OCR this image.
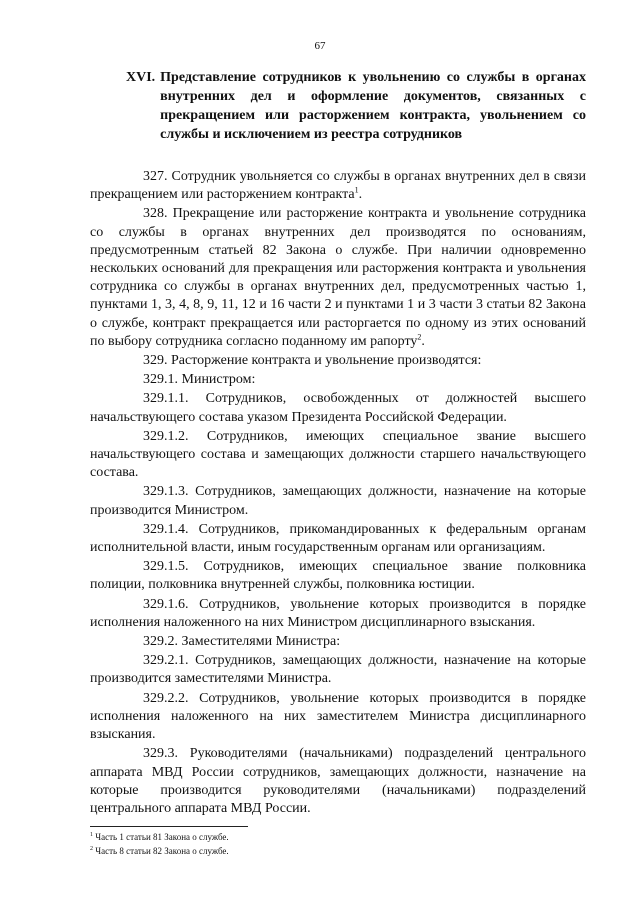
67
XVI. Представление сотрудников к увольнению со службы в органах внутренних дел и оформление документов, связанных с прекращением или расторжением контракта, увольнением со службы и исключением из реестра сотрудников

327. Сотрудник увольняется со службы в органах внутренних дел в связи прекращением или расторжением контракта$^1$.

328. Прекращение или расторжение контракта и увольнение сотрудника со службы в органах внутренних дел производятся по основаниям, предусмотренным статьей 82 Закона о службе. При наличии одновременно нескольких оснований для прекращения или расторжения контракта и увольнения сотрудника со службы в органах внутренних дел, предусмотренных частью 1, пунктами 1, 3, 4, 8, 9, 11, 12 и 16 части 2 и пунктами 1 и 3 части 3 статьи 82 Закона о службе, контракт прекращается или расторгается по одному из этих оснований по выбору сотрудника согласно поданному им рапорту$^2$.

329. Расторжение контракта и увольнение производятся:

329.1. Министром:

329.1.1. Сотрудников, освобожденных от должностей высшего начальствующего состава указом Президента Российской Федерации.

329.1.2. Сотрудников, имеющих специальное звание высшего начальствующего состава и замещающих должности старшего начальствующего состава.

329.1.3. Сотрудников, замещающих должности, назначение на которые производится Министром.

329.1.4. Сотрудников, прикомандированных к федеральным органам исполнительной власти, иным государственным органам или организациям.

329.1.5. Сотрудников, имеющих специальное звание полковника полиции, полковника внутренней службы, полковника юстиции.

329.1.6. Сотрудников, увольнение которых производится в порядке исполнения наложенного на них Министром дисциплинарного взыскания.

329.2. Заместителями Министра:

329.2.1. Сотрудников, замещающих должности, назначение на которые производится заместителями Министра.

329.2.2. Сотрудников, увольнение которых производится в порядке исполнения наложенного на них заместителем Министра дисциплинарного взыскания.

329.3. Руководителями (начальниками) подразделений центрального аппарата МВД России сотрудников, замещающих должности, назначение на которые производится руководителями (начальниками) подразделений центрального аппарата МВД России.

$^1$ Часть 1 статьи 81 Закона о службе.
$^2$ Часть 8 статьи 82 Закона о службе.
